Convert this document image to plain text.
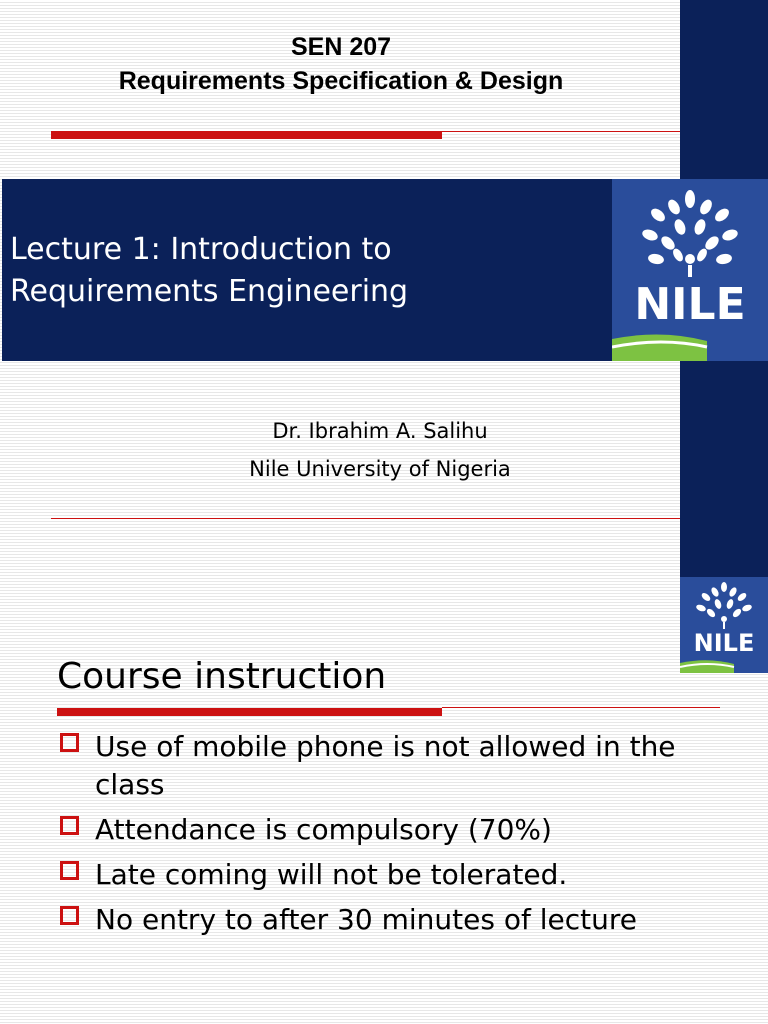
SEN 207
Requirements Specification & Design
Lecture 1: Introduction to
Requirements Engineering	NILE
Dr. Ibrahim A. Salihu
Nile University of Nigeria
NILE
Course instruction
Use of mobile phone is not allowed in the class
Attendance is compulsory (70%)
Late coming will not be tolerated.
No entry to after 30 minutes of lecture
